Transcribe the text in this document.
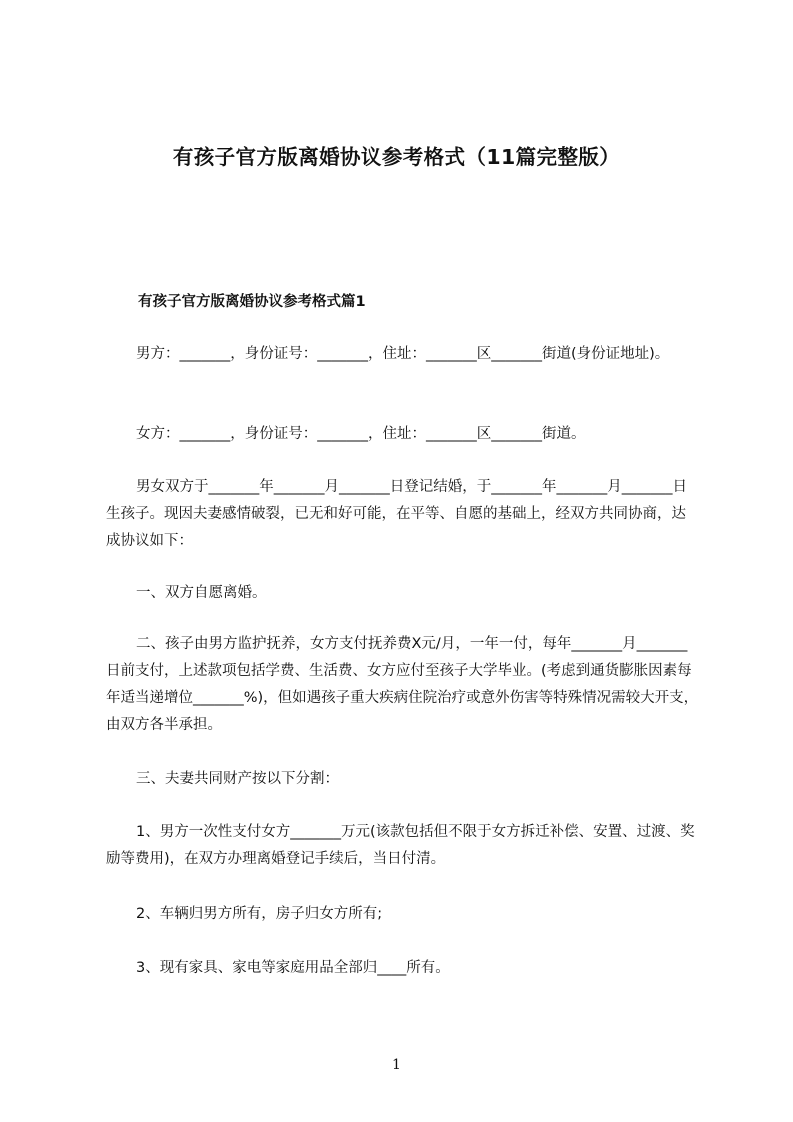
有孩子官方版离婚协议参考格式（11篇完整版）
有孩子官方版离婚协议参考格式篇1

男方：_______，身份证号：_______，住址：_______区_______街道(身份证地址)。

女方：_______，身份证号：_______，住址：_______区_______街道。

男女双方于_______年_______月_______日登记结婚，于_______年_______月_______日生孩子。现因夫妻感情破裂，已无和好可能，在平等、自愿的基础上，经双方共同协商，达成协议如下：

一、双方自愿离婚。

二、孩子由男方监护抚养，女方支付抚养费X元/月，一年一付，每年_______月_______日前支付，上述款项包括学费、生活费、女方应付至孩子大学毕业。(考虑到通货膨胀因素每年适当递增位_______%)，但如遇孩子重大疾病住院治疗或意外伤害等特殊情况需较大开支，由双方各半承担。

三、夫妻共同财产按以下分割：

1、男方一次性支付女方_______万元(该款包括但不限于女方拆迁补偿、安置、过渡、奖励等费用)，在双方办理离婚登记手续后，当日付清。

2、车辆归男方所有，房子归女方所有;

3、现有家具、家电等家庭用品全部归____所有。

1
